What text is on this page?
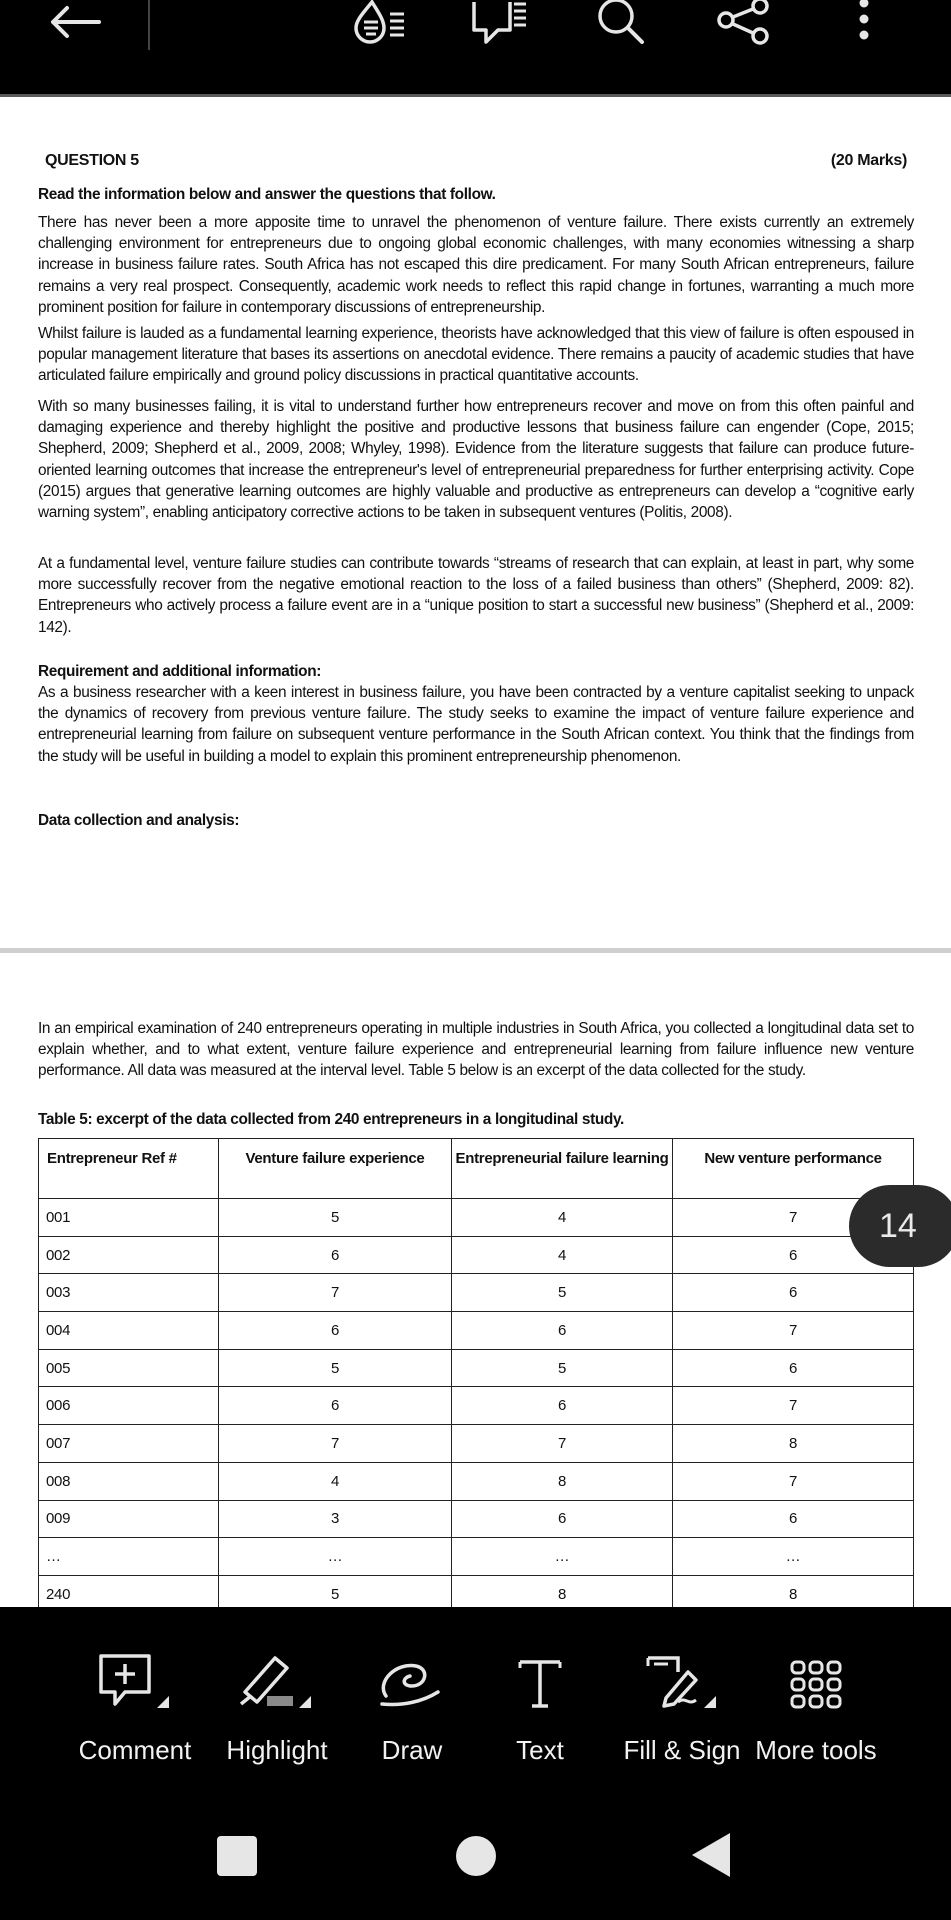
QUESTION 5	(20 Marks)
Read the information below and answer the questions that follow.
There has never been a more apposite time to unravel the phenomenon of venture failure. There exists currently an extremely challenging environment for entrepreneurs due to ongoing global economic challenges, with many economies witnessing a sharp increase in business failure rates. South Africa has not escaped this dire predicament. For many South African entrepreneurs, failure remains a very real prospect. Consequently, academic work needs to reflect this rapid change in fortunes, warranting a much more prominent position for failure in contemporary discussions of entrepreneurship.
Whilst failure is lauded as a fundamental learning experience, theorists have acknowledged that this view of failure is often espoused in popular management literature that bases its assertions on anecdotal evidence. There remains a paucity of academic studies that have articulated failure empirically and ground policy discussions in practical quantitative accounts.
With so many businesses failing, it is vital to understand further how entrepreneurs recover and move on from this often painful and damaging experience and thereby highlight the positive and productive lessons that business failure can engender (Cope, 2015; Shepherd, 2009; Shepherd et al., 2009, 2008; Whyley, 1998). Evidence from the literature suggests that failure can produce future-oriented learning outcomes that increase the entrepreneur's level of entrepreneurial preparedness for further enterprising activity. Cope (2015) argues that generative learning outcomes are highly valuable and productive as entrepreneurs can develop a “cognitive early warning system”, enabling anticipatory corrective actions to be taken in subsequent ventures (Politis, 2008).
At a fundamental level, venture failure studies can contribute towards “streams of research that can explain, at least in part, why some more successfully recover from the negative emotional reaction to the loss of a failed business than others” (Shepherd, 2009: 82). Entrepreneurs who actively process a failure event are in a “unique position to start a successful new business” (Shepherd et al., 2009: 142).
Requirement and additional information:
As a business researcher with a keen interest in business failure, you have been contracted by a venture capitalist seeking to unpack the dynamics of recovery from previous venture failure. The study seeks to examine the impact of venture failure experience and entrepreneurial learning from failure on subsequent venture performance in the South African context. You think that the findings from the study will be useful in building a model to explain this prominent entrepreneurship phenomenon.
Data collection and analysis:
In an empirical examination of 240 entrepreneurs operating in multiple industries in South Africa, you collected a longitudinal data set to explain whether, and to what extent, venture failure experience and entrepreneurial learning from failure influence new venture performance. All data was measured at the interval level. Table 5 below is an excerpt of the data collected for the study.
Table 5: excerpt of the data collected from 240 entrepreneurs in a longitudinal study.
Entrepreneur Ref #	Venture failure experience	Entrepreneurial failure learning	New venture performance
001	5	4	7
002	6	4	6
003	7	5	6
004	6	6	7
005	5	5	6
006	6	6	7
007	7	7	8
008	4	8	7
009	3	6	6
…	…	…	…
240	5	8	8
14
Comment Highlight Draw	Text Fill & Sign More tools
